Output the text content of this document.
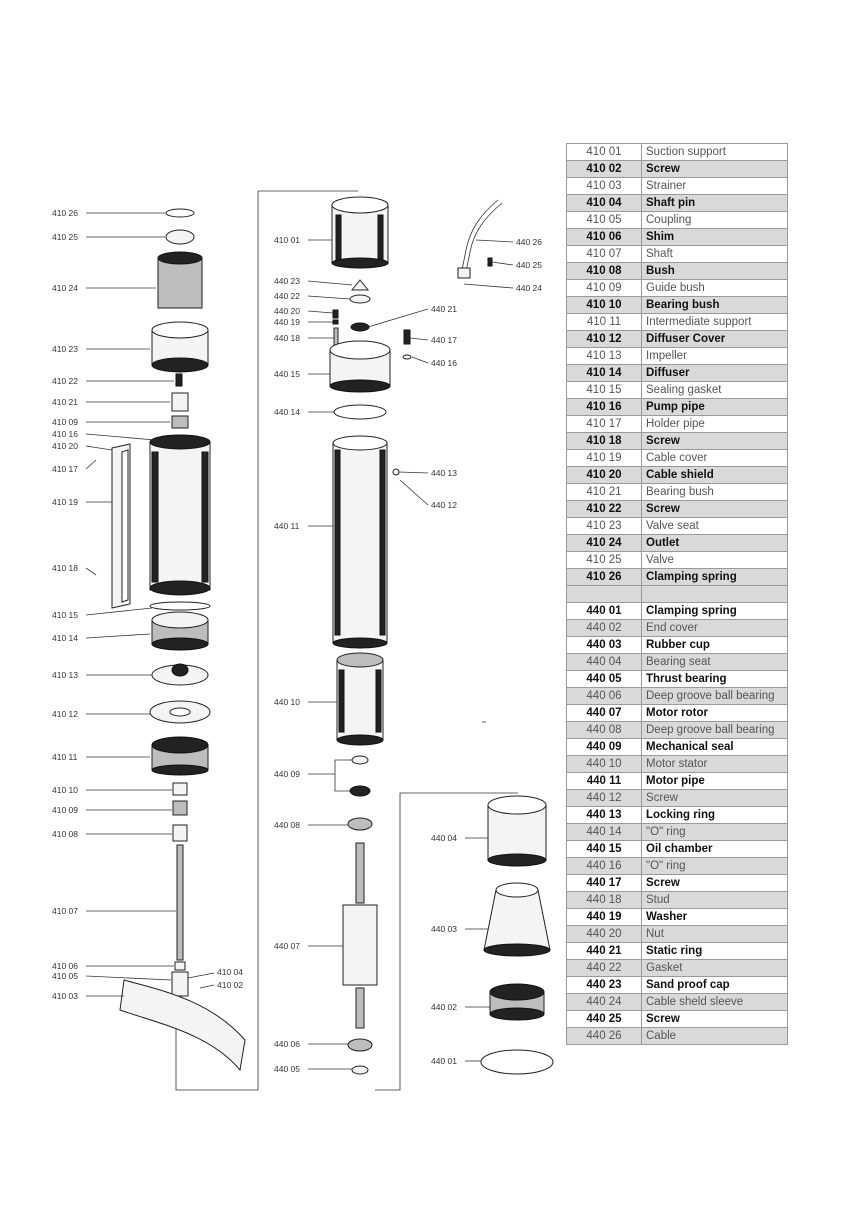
410 26
410 25
410 24
410 23
410 22
410 21
410 09
410 16
410 20
410 17
410 19
410 18
410 15
410 14
410 13
410 12
410 11
410 10
410 09
410 08
410 07
410 06
410 05
410 03
410 04
410 02
410 01
440 23
440 22
440 20
440 19
440 18
440 15
440 14
440 11
440 10
440 09
440 08
440 07
440 06
440 05
440 21
440 17
440 16
440 13
440 12
440 26
440 25
440 24
440 04
440 03
440 02
440 01
410 01	Suction support
410 02	Screw
410 03	Strainer
410 04	Shaft pin
410 05	Coupling
410 06	Shim
410 07	Shaft
410 08	Bush
410 09	Guide bush
410 10	Bearing bush
410 11	Intermediate support
410 12	Diffuser Cover
410 13	Impeller
410 14	Diffuser
410 15	Sealing gasket
410 16	Pump pipe
410 17	Holder pipe
410 18	Screw
410 19	Cable cover
410 20	Cable shield
410 21	Bearing bush
410 22	Screw
410 23	Valve seat
410 24	Outlet
410 25	Valve
410 26	Clamping spring

440 01	Clamping spring
440 02	End cover
440 03	Rubber cup
440 04	Bearing seat
440 05	Thrust bearing
440 06	Deep groove ball bearing
440 07	Motor rotor
440 08	Deep groove ball bearing
440 09	Mechanical seal
440 10	Motor stator
440 11	Motor pipe
440 12	Screw
440 13	Locking ring
440 14	"O" ring
440 15	Oil chamber
440 16	"O" ring
440 17	Screw
440 18	Stud
440 19	Washer
440 20	Nut
440 21	Static ring
440 22	Gasket
440 23	Sand proof cap
440 24	Cable sheld sleeve
440 25	Screw
440 26	Cable
